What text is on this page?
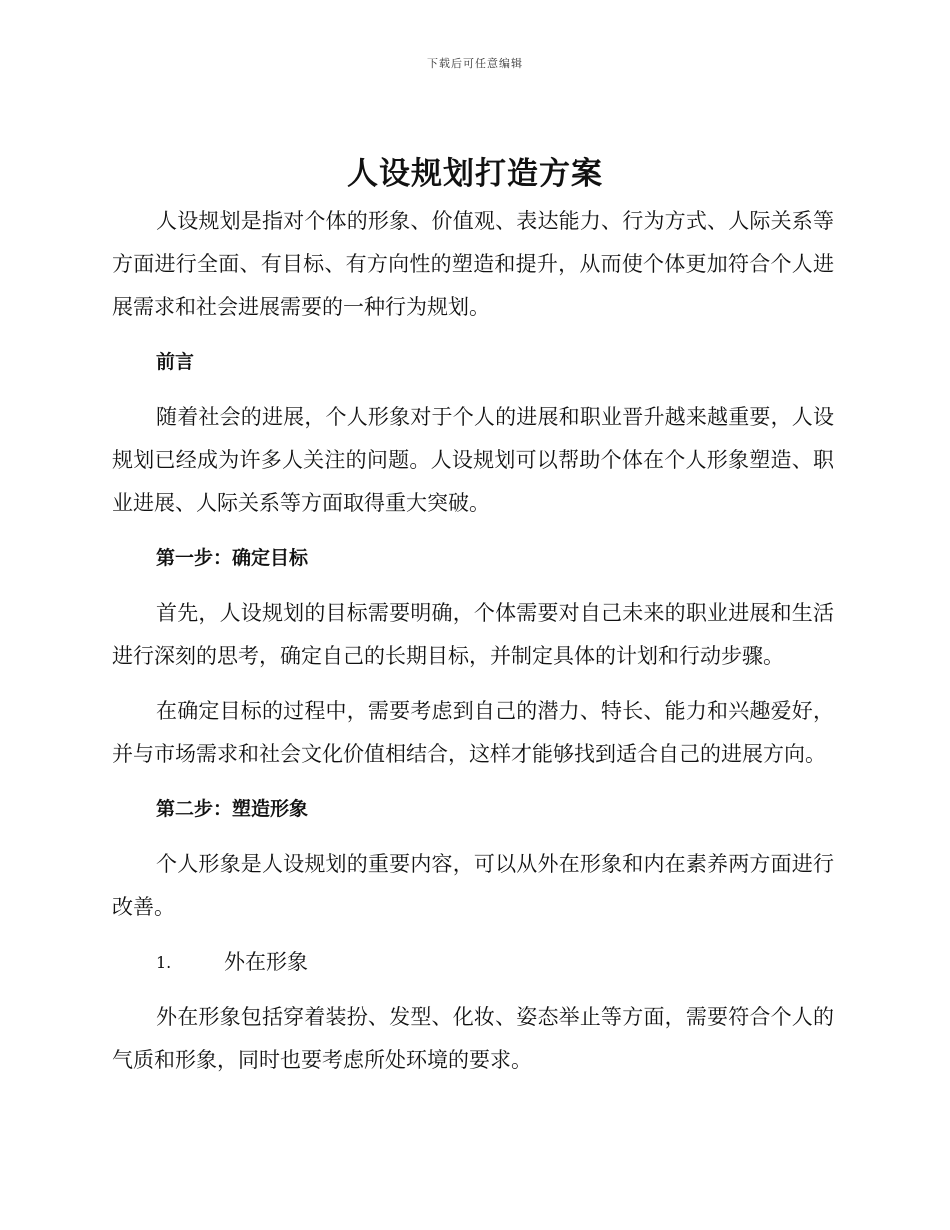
下载后可任意编辑
人设规划打造方案

人设规划是指对个体的形象、价值观、表达能力、行为方式、人际关系等方面进行全面、有目标、有方向性的塑造和提升，从而使个体更加符合个人进展需求和社会进展需要的一种行为规划。

前言

随着社会的进展，个人形象对于个人的进展和职业晋升越来越重要，人设规划已经成为许多人关注的问题。人设规划可以帮助个体在个人形象塑造、职业进展、人际关系等方面取得重大突破。

第一步：确定目标

首先，人设规划的目标需要明确，个体需要对自己未来的职业进展和生活进行深刻的思考，确定自己的长期目标，并制定具体的计划和行动步骤。

在确定目标的过程中，需要考虑到自己的潜力、特长、能力和兴趣爱好，并与市场需求和社会文化价值相结合，这样才能够找到适合自己的进展方向。

第二步：塑造形象

个人形象是人设规划的重要内容，可以从外在形象和内在素养两方面进行改善。

1.	外在形象

外在形象包括穿着装扮、发型、化妆、姿态举止等方面，需要符合个人的气质和形象，同时也要考虑所处环境的要求。
